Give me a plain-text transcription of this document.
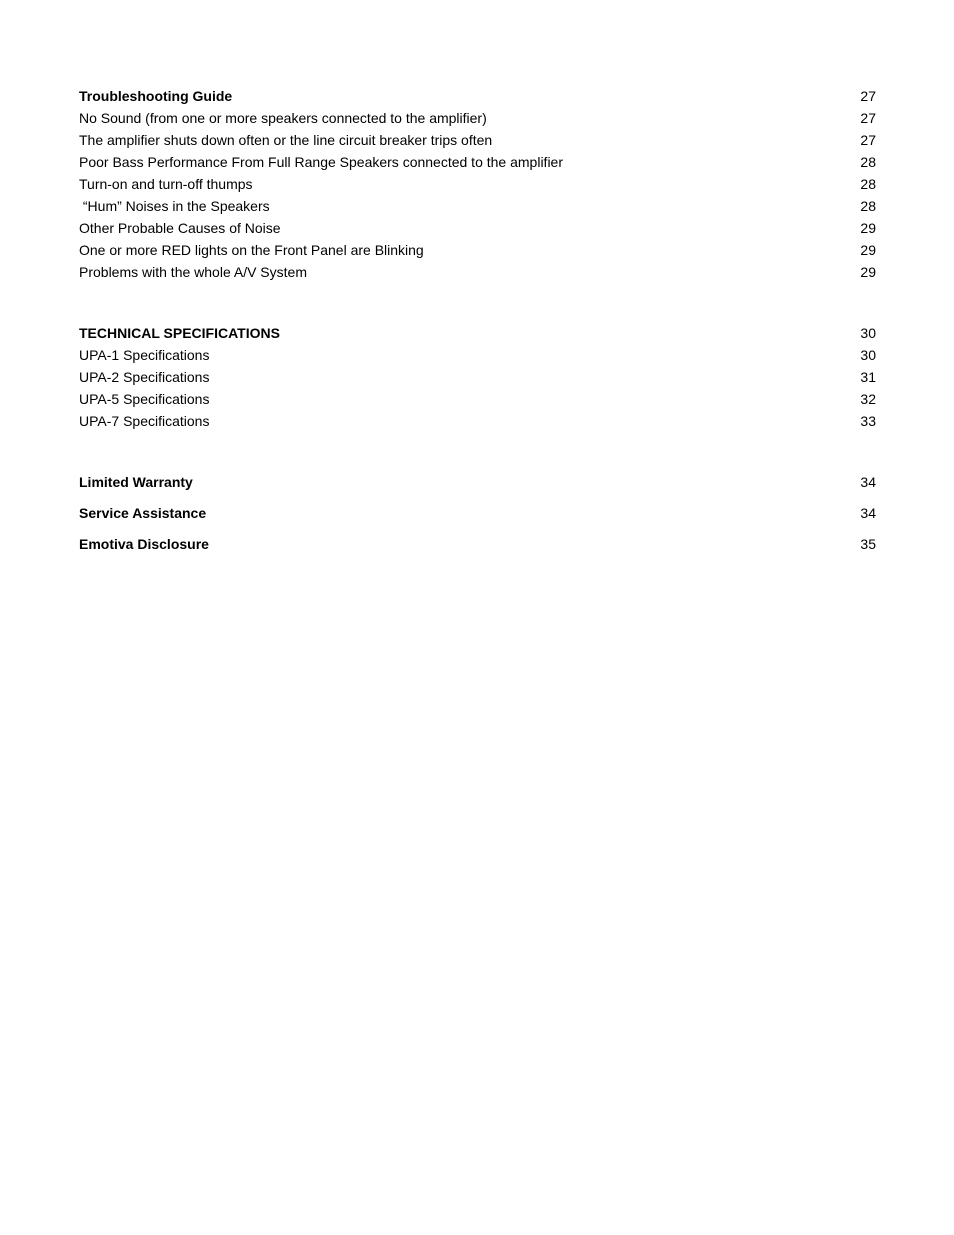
Troubleshooting Guide	27
No Sound (from one or more speakers connected to the amplifier)	27
The amplifier shuts down often or the line circuit breaker trips often	27
Poor Bass Performance From Full Range Speakers connected to the amplifier	28
Turn-on and turn-off thumps	28
“Hum” Noises in the Speakers	28
Other Probable Causes of Noise	29
One or more RED lights on the Front Panel are Blinking	29
Problems with the whole A/V System	29
TECHNICAL SPECIFICATIONS	30
UPA-1 Specifications	30
UPA-2 Specifications	31
UPA-5 Specifications	32
UPA-7 Specifications	33
Limited Warranty	34
Service Assistance	34
Emotiva Disclosure	35
